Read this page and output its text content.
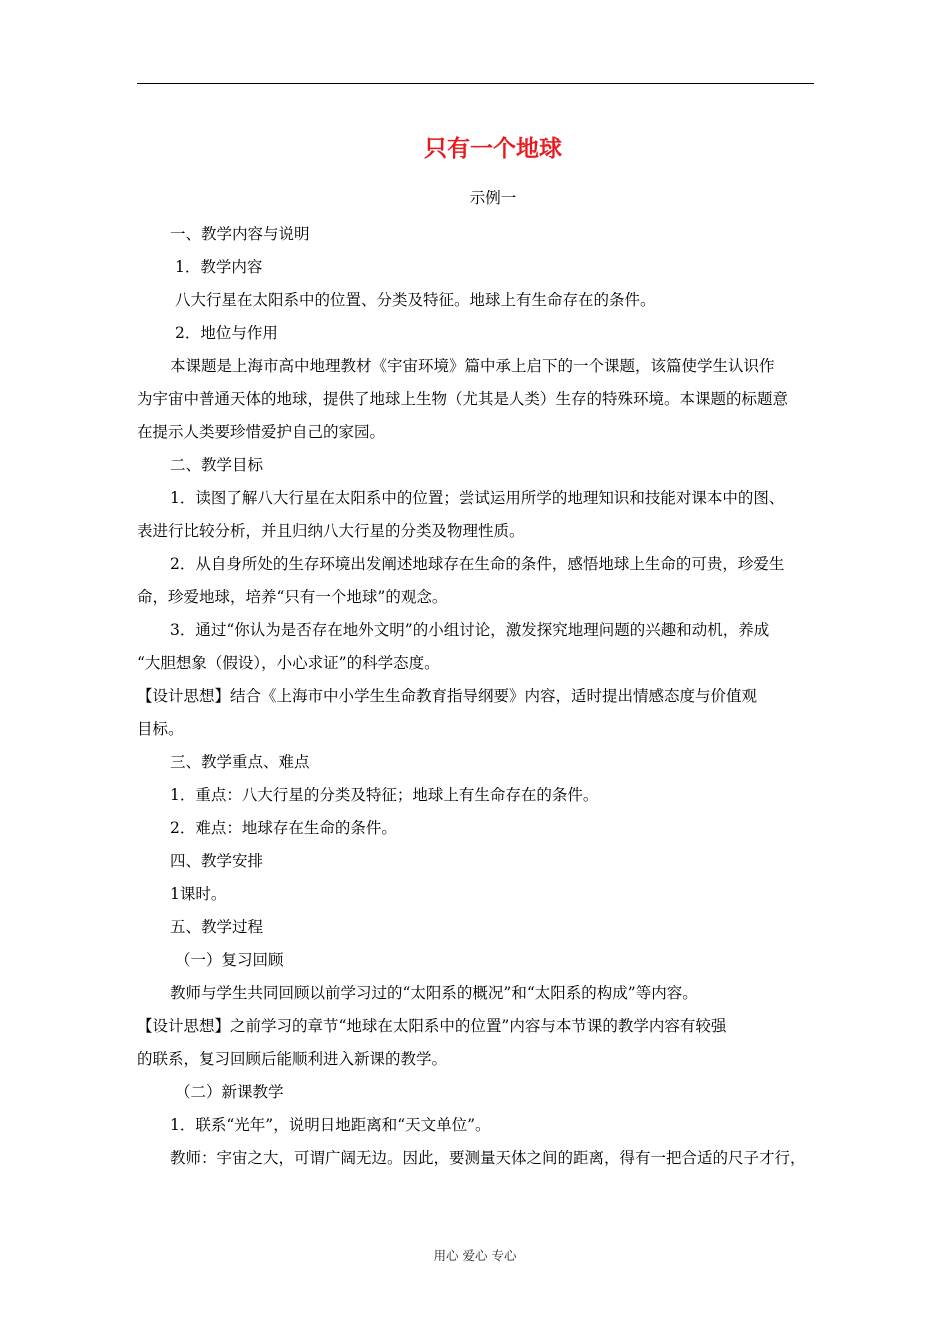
只有一个地球
示例一
一、教学内容与说明
1．教学内容
八大行星在太阳系中的位置、分类及特征。地球上有生命存在的条件。
2．地位与作用
本课题是上海市高中地理教材《宇宙环境》篇中承上启下的一个课题，该篇使学生认识作
为宇宙中普通天体的地球，提供了地球上生物（尤其是人类）生存的特殊环境。本课题的标题意
在提示人类要珍惜爱护自己的家园。
二、教学目标
1．读图了解八大行星在太阳系中的位置；尝试运用所学的地理知识和技能对课本中的图、
表进行比较分析，并且归纳八大行星的分类及物理性质。
2．从自身所处的生存环境出发阐述地球存在生命的条件，感悟地球上生命的可贵，珍爱生
命，珍爱地球，培养“只有一个地球”的观念。
3．通过“你认为是否存在地外文明”的小组讨论，激发探究地理问题的兴趣和动机，养成
“大胆想象（假设），小心求证”的科学态度。
【设计思想】结合《上海市中小学生生命教育指导纲要》内容，适时提出情感态度与价值观
目标。
三、教学重点、难点
1．重点：八大行星的分类及特征；地球上有生命存在的条件。
2．难点：地球存在生命的条件。
四、教学安排
1课时。
五、教学过程
（一）复习回顾
教师与学生共同回顾以前学习过的“太阳系的概况”和“太阳系的构成”等内容。
【设计思想】之前学习的章节“地球在太阳系中的位置”内容与本节课的教学内容有较强
的联系，复习回顾后能顺利进入新课的教学。
（二）新课教学
1．联系“光年”，说明日地距离和“天文单位”。
教师：宇宙之大，可谓广阔无边。因此，要测量天体之间的距离，得有一把合适的尺子才行，
用心 爱心 专心
